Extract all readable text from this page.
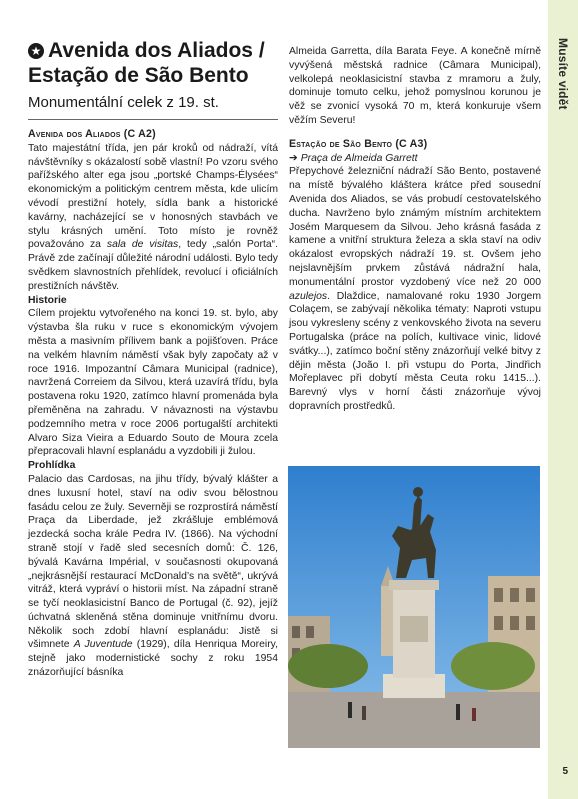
Musíte vidět
5
★ Avenida dos Aliados / Estação de São Bento
Monumentální celek z 19. st.
Avenida dos Aliados (C A2)

Tato majestátní třída, jen pár kroků od nádraží, vítá návštěvníky s okázalostí sobě vlastní! Po vzoru svého pařížského alter ega jsou „portské Champs-Élysées“ ekonomickým a politickým centrem města, kde ulicím vévodí prestižní hotely, sídla bank a historické kavárny, nacházející se v honosných stavbách ve stylu krásných umění. Toto místo je rovněž považováno za sala de visitas, tedy „salón Porta“. Právě zde začínají důležité národní události. Bylo tedy svědkem slavnostních přehlídek, revolucí i oficiálních prestižních návštěv.

Historie

Cílem projektu vytvořeného na konci 19. st. bylo, aby výstavba šla ruku v ruce s ekonomickým vývojem města a masivním přílivem bank a pojišťoven. Práce na velkém hlavním náměstí však byly započaty až v roce 1916. Impozantní Câmara Municipal (radnice), navržená Correiem da Silvou, která uzavírá třídu, byla postavena roku 1920, zatímco hlavní promenáda byla přeměněna na zahradu. V návaznosti na výstavbu podzemního metra v roce 2006 portugalští architekti Alvaro Siza Vieira a Eduardo Souto de Moura zcela přepracovali hlavní esplanádu a vyzdobili ji žulou.

Prohlídka

Palacio das Cardosas, na jihu třídy, bývalý klášter a dnes luxusní hotel, staví na odiv svou bělostnou fasádu celou ze žuly. Severněji se rozprostírá náměstí Praça da Liberdade, jež zkrášluje emblémová jezdecká socha krále Pedra IV. (1866). Na východní straně stojí v řadě sled secesních domů: Č. 126, bývalá Kavárna Impérial, v současnosti okupovaná „nejkrásnější restaurací McDonald’s na světě“, ukrývá vitráž, která vypráví o historii míst. Na západní straně se tyčí neoklasicistní Banco de Portugal (č. 92), jejíž úchvatná skleněná stěna dominuje vnitřnímu dvoru. Několik soch zdobí hlavní esplanádu: Jistě si všimnete A Juventude (1929), díla Henriqua Moreiry, stejně jako modernistické sochy z roku 1954 znázorňující básníka

Almeida Garretta, díla Barata Feye. A konečně mírně vyvýšená městská radnice (Câmara Municipal), velkolepá neoklasicistní stavba z mramoru a žuly, dominuje tomuto celku, jehož pomyslnou korunou je věž se zvonicí vysoká 70 m, která konkuruje všem věžím Severu!

Estação de São Bento (C A3)
➔ Praça de Almeida Garrett

Přepychové železniční nádraží São Bento, postavené na místě bývalého kláštera krátce před sousední Avenida dos Aliados, se vás probudí cestovatelského ducha. Navrženo bylo známým místním architektem Josém Marquesem da Silvou. Jeho krásná fasáda z kamene a vnitřní struktura železa a skla staví na odiv okázalost evropských nádraží 19. st. Ovšem jeho nejslavnějším prvkem zůstává nádražní hala, monumentální prostor vyzdobený více než 20 000 azulejos. Dlaždice, namalované roku 1930 Jorgem Colaçem, se zabývají několika tématy: Naproti vstupu jsou vykresleny scény z venkovského života na severu Portugalska (práce na polích, kultivace vinic, lidové svátky...), zatímco boční stěny znázorňují velké bitvy z dějin města (João I. při vstupu do Porta, Jindřich Mořeplavec při dobytí města Ceuta roku 1415...). Barevný vlys v horní části znázorňuje vývoj dopravních prostředků.
